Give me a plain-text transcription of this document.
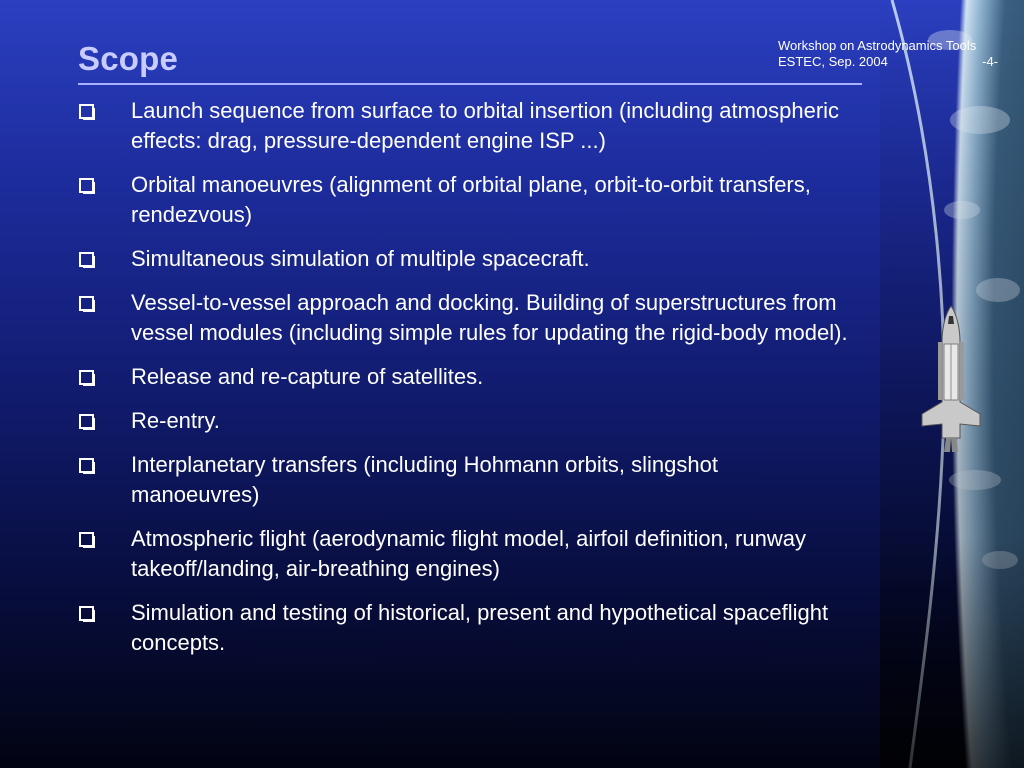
Scope	Workshop on Astrodynamics Tools
ESTEC, Sep. 2004	-4-
Launch sequence from surface to orbital insertion (including atmospheric effects: drag, pressure-dependent engine ISP ...)
Orbital manoeuvres (alignment of orbital plane, orbit-to-orbit transfers, rendezvous)
Simultaneous simulation of multiple spacecraft.
Vessel-to-vessel approach and docking. Building of superstructures from vessel modules (including simple rules for updating the rigid-body model).
Release and re-capture of satellites.
Re-entry.
Interplanetary transfers (including Hohmann orbits, slingshot manoeuvres)
Atmospheric flight (aerodynamic flight model, airfoil definition, runway takeoff/landing, air-breathing engines)
Simulation and testing of historical, present and hypothetical spaceflight concepts.
